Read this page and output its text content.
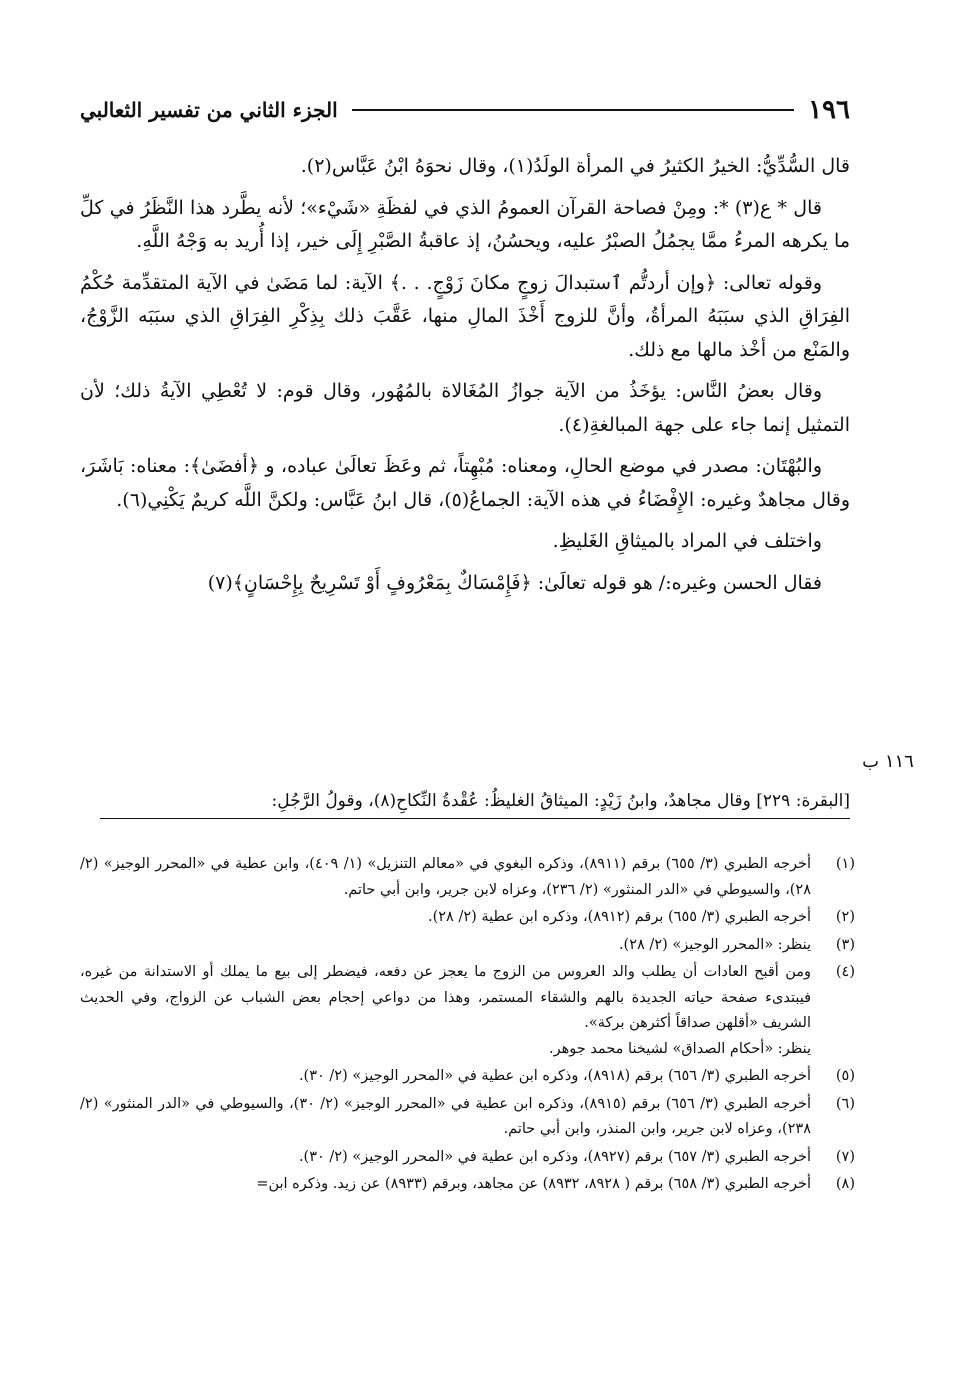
١٩٦
الجزء الثاني من تفسير الثعالبي

قال السُّدِّيُّ: الخيرُ الكثيرُ في المرأة الولَدُ(١)، وقال نحوَهُ ابْنُ عَبَّاس(٢).

قال * ع(٣) *: ومِنْ فصاحة القرآن العمومُ الذي في لفظَةِ «شَيْء»؛ لأنه يطَّرد هذا النَّظَرُ في كلِّ ما يكرهه المرءُ ممَّا يجمُلُ الصبْرُ عليه، ويحسُنُ، إذ عاقبةُ الصَّبْرِ إِلَى خير، إذا أُريد به وَجْهُ اللَّهِ.

وقوله تعالى: ﴿وإن أردتُّم ٱستبدالَ زوجٍ مكانَ زَوْجٍ. . .﴾ الآية: لما مَضَىٰ في الآية المتقدِّمة حُكْمُ الفِرَاقِ الذي سبَبَهُ المرأةُ، وأنَّ للزوج أَخْذَ المالِ منها، عَقَّبَ ذلك بِذِكْرِ الفِرَاقِ الذي سبَبَه الزَّوْجُ، والمَنْع من أخْذ مالها مع ذلك.

وقال بعضُ النَّاس: يؤخَذُ من الآية جوازُ المُغَالاة بالمُهُور، وقال قوم: لا تُعْطِي الآيةُ ذلك؛ لأن التمثيل إنما جاء على جهة المبالغةِ(٤).

والبُهْتَان: مصدر في موضع الحالِ، ومعناه: مُبْهِتاً، ثم وعَظَ تعالَىٰ عباده، و ﴿أفضَىٰ﴾: معناه: بَاشَرَ، وقال مجاهدٌ وغيره: الإِفْضَاءُ في هذه الآية: الجماعُ(٥)، قال ابنُ عَبَّاس: ولكنَّ اللَّه كريمٌ يَكْنِي(٦).

واختلف في المراد بالميثاقِ الغَليظِ.

فقال الحسن وغيره:/ هو قوله تعالَىٰ: ﴿فَإِمْسَاكٌ بِمَعْرُوفٍ أَوْ تَسْرِيحٌ بِإِحْسَانٍ﴾(٧)

١١٦ ب
[البقرة: ٢٢٩] وقال مجاهدٌ، وابنُ زَيْدٍ: الميثاقُ الغليظُ: عُقْدةُ النِّكاحِ(٨)، وقولُ الرَّجُلِ:
(١)
أخرجه الطبري (٣/ ٦٥٥) برقم (٨٩١١)، وذكره البغوي في «معالم التنزيل» (١/ ٤٠٩)، وابن عطية في «المحرر الوجيز» (٢/ ٢٨)، والسيوطي في «الدر المنثور» (٢/ ٢٣٦)، وعزاه لابن جرير، وابن أبي حاتم.
(٢)
أخرجه الطبري (٣/ ٦٥٥) برقم (٨٩١٢)، وذكره ابن عطية (٢/ ٢٨).
(٣)
ينظر: «المحرر الوجيز» (٢/ ٢٨).
(٤)
ومن أقبح العادات أن يطلب والد العروس من الزوج ما يعجز عن دفعه، فيضطر إلى بيع ما يملك أو الاستدانة من غيره، فيبتدىء صفحة حياته الجديدة بالهم والشقاء المستمر، وهذا من دواعي إحجام بعض الشباب عن الزواج، وفي الحديث الشريف «أقلهن صداقاً أكثرهن بركة».
ينظر: «أحكام الصداق» لشيخنا محمد جوهر.
(٥)
أخرجه الطبري (٣/ ٦٥٦) برقم (٨٩١٨)، وذكره ابن عطية في «المحرر الوجيز» (٢/ ٣٠).
(٦)
أخرجه الطبري (٣/ ٦٥٦) برقم (٨٩١٥)، وذكره ابن عطية في «المحرر الوجيز» (٢/ ٣٠)، والسيوطي في «الدر المنثور» (٢/ ٢٣٨)، وعزاه لابن جرير، وابن المنذر، وابن أبي حاتم.
(٧)
أخرجه الطبري (٣/ ٦٥٧) برقم (٨٩٢٧)، وذكره ابن عطية في «المحرر الوجيز» (٢/ ٣٠).
(٨)
أخرجه الطبري (٣/ ٦٥٨) برقم ( ٨٩٢٨، ٨٩٣٢) عن مجاهد، وبرقم (٨٩٣٣) عن زيد. وذكره ابن=
